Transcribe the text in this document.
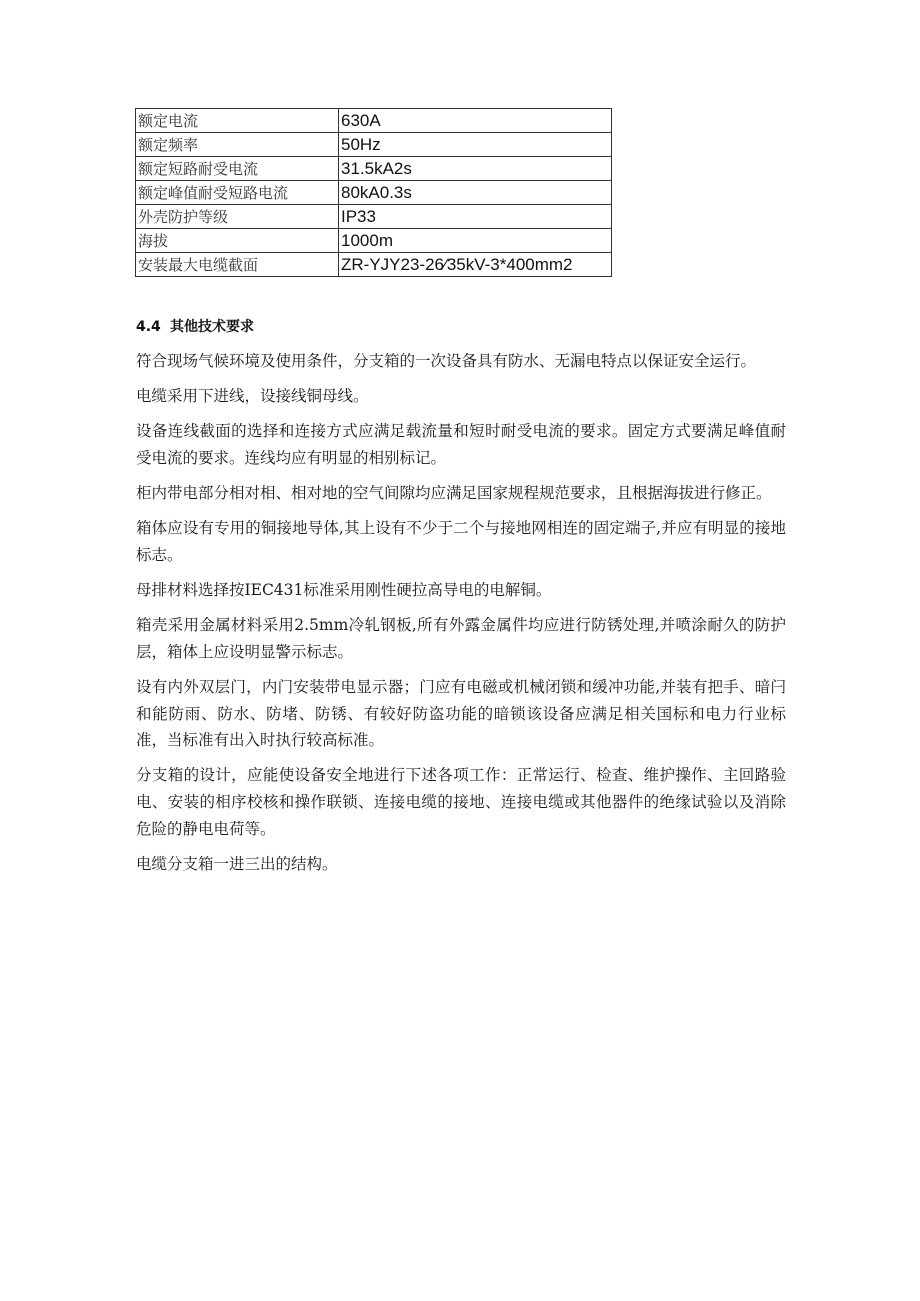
额定电流	630A
额定频率	50Hz
额定短路耐受电流	31.5kA2s
额定峰值耐受短路电流	80kA0.3s
外壳防护等级	IP33
海拔	1000m
安装最大电缆截面	ZR-YJY23-26⁄35kV-3*400mm2
4.4 其他技术要求

符合现场气候环境及使用条件，分支箱的一次设备具有防水、无漏电特点以保证安全运行。

电缆采用下进线，设接线铜母线。

设备连线截面的选择和连接方式应满足载流量和短时耐受电流的要求。固定方式要满足峰值耐受电流的要求。连线均应有明显的相别标记。

柜内带电部分相对相、相对地的空气间隙均应满足国家规程规范要求，且根据海拔进行修正。

箱体应设有专用的铜接地导体,其上设有不少于二个与接地网相连的固定端子,并应有明显的接地标志。

母排材料选择按IEC431标准采用刚性硬拉高导电的电解铜。

箱壳采用金属材料采用2.5mm冷轧钢板,所有外露金属件均应进行防锈处理,并喷涂耐久的防护层，箱体上应设明显警示标志。

设有内外双层门，内门安装带电显示器；门应有电磁或机械闭锁和缓冲功能,并装有把手、暗闩和能防雨、防水、防堵、防锈、有较好防盗功能的暗锁该设备应满足相关国标和电力行业标准，当标准有出入时执行较高标准。

分支箱的设计，应能使设备安全地进行下述各项工作：正常运行、检查、维护操作、主回路验电、安装的相序校核和操作联锁、连接电缆的接地、连接电缆或其他器件的绝缘试验以及消除危险的静电电荷等。

电缆分支箱一进三出的结构。
